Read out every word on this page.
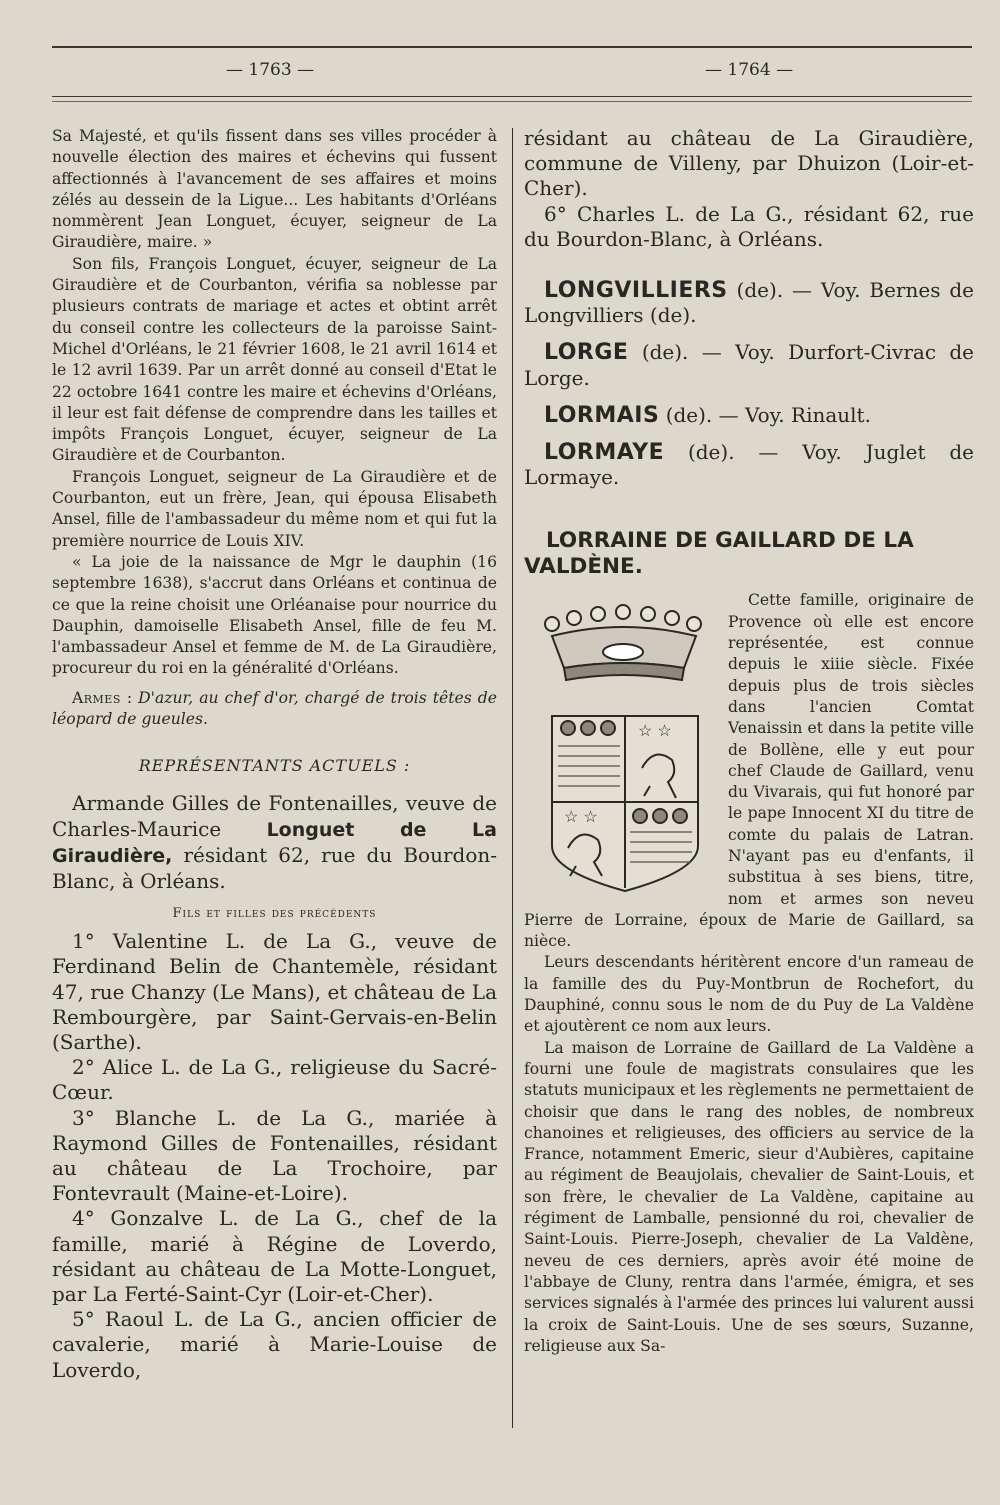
— 1763 —	— 1764 —

Sa Majesté, et qu'ils fissent dans ses villes procéder à nouvelle élection des maires et échevins qui fussent affectionnés à l'avancement de ses affaires et moins zélés au dessein de la Ligue... Les habitants d'Orléans nommèrent Jean Longuet, écuyer, seigneur de La Giraudière, maire. »

Son fils, François Longuet, écuyer, seigneur de La Giraudière et de Courbanton, vérifia sa noblesse par plusieurs contrats de mariage et actes et obtint arrêt du conseil contre les collecteurs de la paroisse Saint-Michel d'Orléans, le 21 février 1608, le 21 avril 1614 et le 12 avril 1639. Par un arrêt donné au conseil d'Etat le 22 octobre 1641 contre les maire et échevins d'Orléans, il leur est fait défense de comprendre dans les tailles et impôts François Longuet, écuyer, seigneur de La Giraudière et de Courbanton.

François Longuet, seigneur de La Giraudière et de Courbanton, eut un frère, Jean, qui épousa Elisabeth Ansel, fille de l'ambassadeur du même nom et qui fut la première nourrice de Louis XIV.

« La joie de la naissance de Mgr le dauphin (16 septembre 1638), s'accrut dans Orléans et continua de ce que la reine choisit une Orléanaise pour nourrice du Dauphin, damoiselle Elisabeth Ansel, fille de feu M. l'ambassadeur Ansel et femme de M. de La Giraudière, procureur du roi en la généralité d'Orléans.

Armes : D'azur, au chef d'or, chargé de trois têtes de léopard de gueules.

REPRÉSENTANTS ACTUELS :

Armande Gilles de Fontenailles, veuve de Charles-Maurice Longuet de La Giraudière, résidant 62, rue du Bourdon-Blanc, à Orléans.

Fils et filles des précédents

1° Valentine L. de La G., veuve de Ferdinand Belin de Chantemèle, résidant 47, rue Chanzy (Le Mans), et château de La Rembourgère, par Saint-Gervais-en-Belin (Sarthe).

2° Alice L. de La G., religieuse du Sacré-Cœur.

3° Blanche L. de La G., mariée à Raymond Gilles de Fontenailles, résidant au château de La Trochoire, par Fontevrault (Maine-et-Loire).

4° Gonzalve L. de La G., chef de la famille, marié à Régine de Loverdo, résidant au château de La Motte-Longuet, par La Ferté-Saint-Cyr (Loir-et-Cher).

5° Raoul L. de La G., ancien officier de cavalerie, marié à Marie-Louise de Loverdo,

résidant au château de La Giraudière, commune de Villeny, par Dhuizon (Loir-et-Cher).

6° Charles L. de La G., résidant 62, rue du Bourdon-Blanc, à Orléans.

LONGVILLIERS (de). — Voy. Bernes de Longvilliers (de).

LORGE (de). — Voy. Durfort-Civrac de Lorge.

LORMAIS (de). — Voy. Rinault.

LORMAYE (de). — Voy. Juglet de Lormaye.

LORRAINE DE GAILLARD DE LA VALDÈNE.
☆ ☆
☆ ☆

Cette famille, originaire de Provence où elle est encore représentée, est connue depuis le xiiie siècle. Fixée depuis plus de trois siècles dans l'ancien Comtat Venaissin et dans la petite ville de Bollène, elle y eut pour chef Claude de Gaillard, venu du Vivarais, qui fut honoré par le pape Innocent XI du titre de comte du palais de Latran. N'ayant pas eu d'enfants, il substitua à ses biens, titre, nom et armes son neveu Pierre de Lorraine, époux de Marie de Gaillard, sa nièce.

Leurs descendants héritèrent encore d'un rameau de la famille des du Puy-Montbrun de Rochefort, du Dauphiné, connu sous le nom de du Puy de La Valdène et ajoutèrent ce nom aux leurs.

La maison de Lorraine de Gaillard de La Valdène a fourni une foule de magistrats consulaires que les statuts municipaux et les règlements ne permettaient de choisir que dans le rang des nobles, de nombreux chanoines et religieuses, des officiers au service de la France, notamment Emeric, sieur d'Aubières, capitaine au régiment de Beaujolais, chevalier de Saint-Louis, et son frère, le chevalier de La Valdène, capitaine au régiment de Lamballe, pensionné du roi, chevalier de Saint-Louis. Pierre-Joseph, chevalier de La Valdène, neveu de ces derniers, après avoir été moine de l'abbaye de Cluny, rentra dans l'armée, émigra, et ses services signalés à l'armée des princes lui valurent aussi la croix de Saint-Louis. Une de ses sœurs, Suzanne, religieuse aux Sa-
